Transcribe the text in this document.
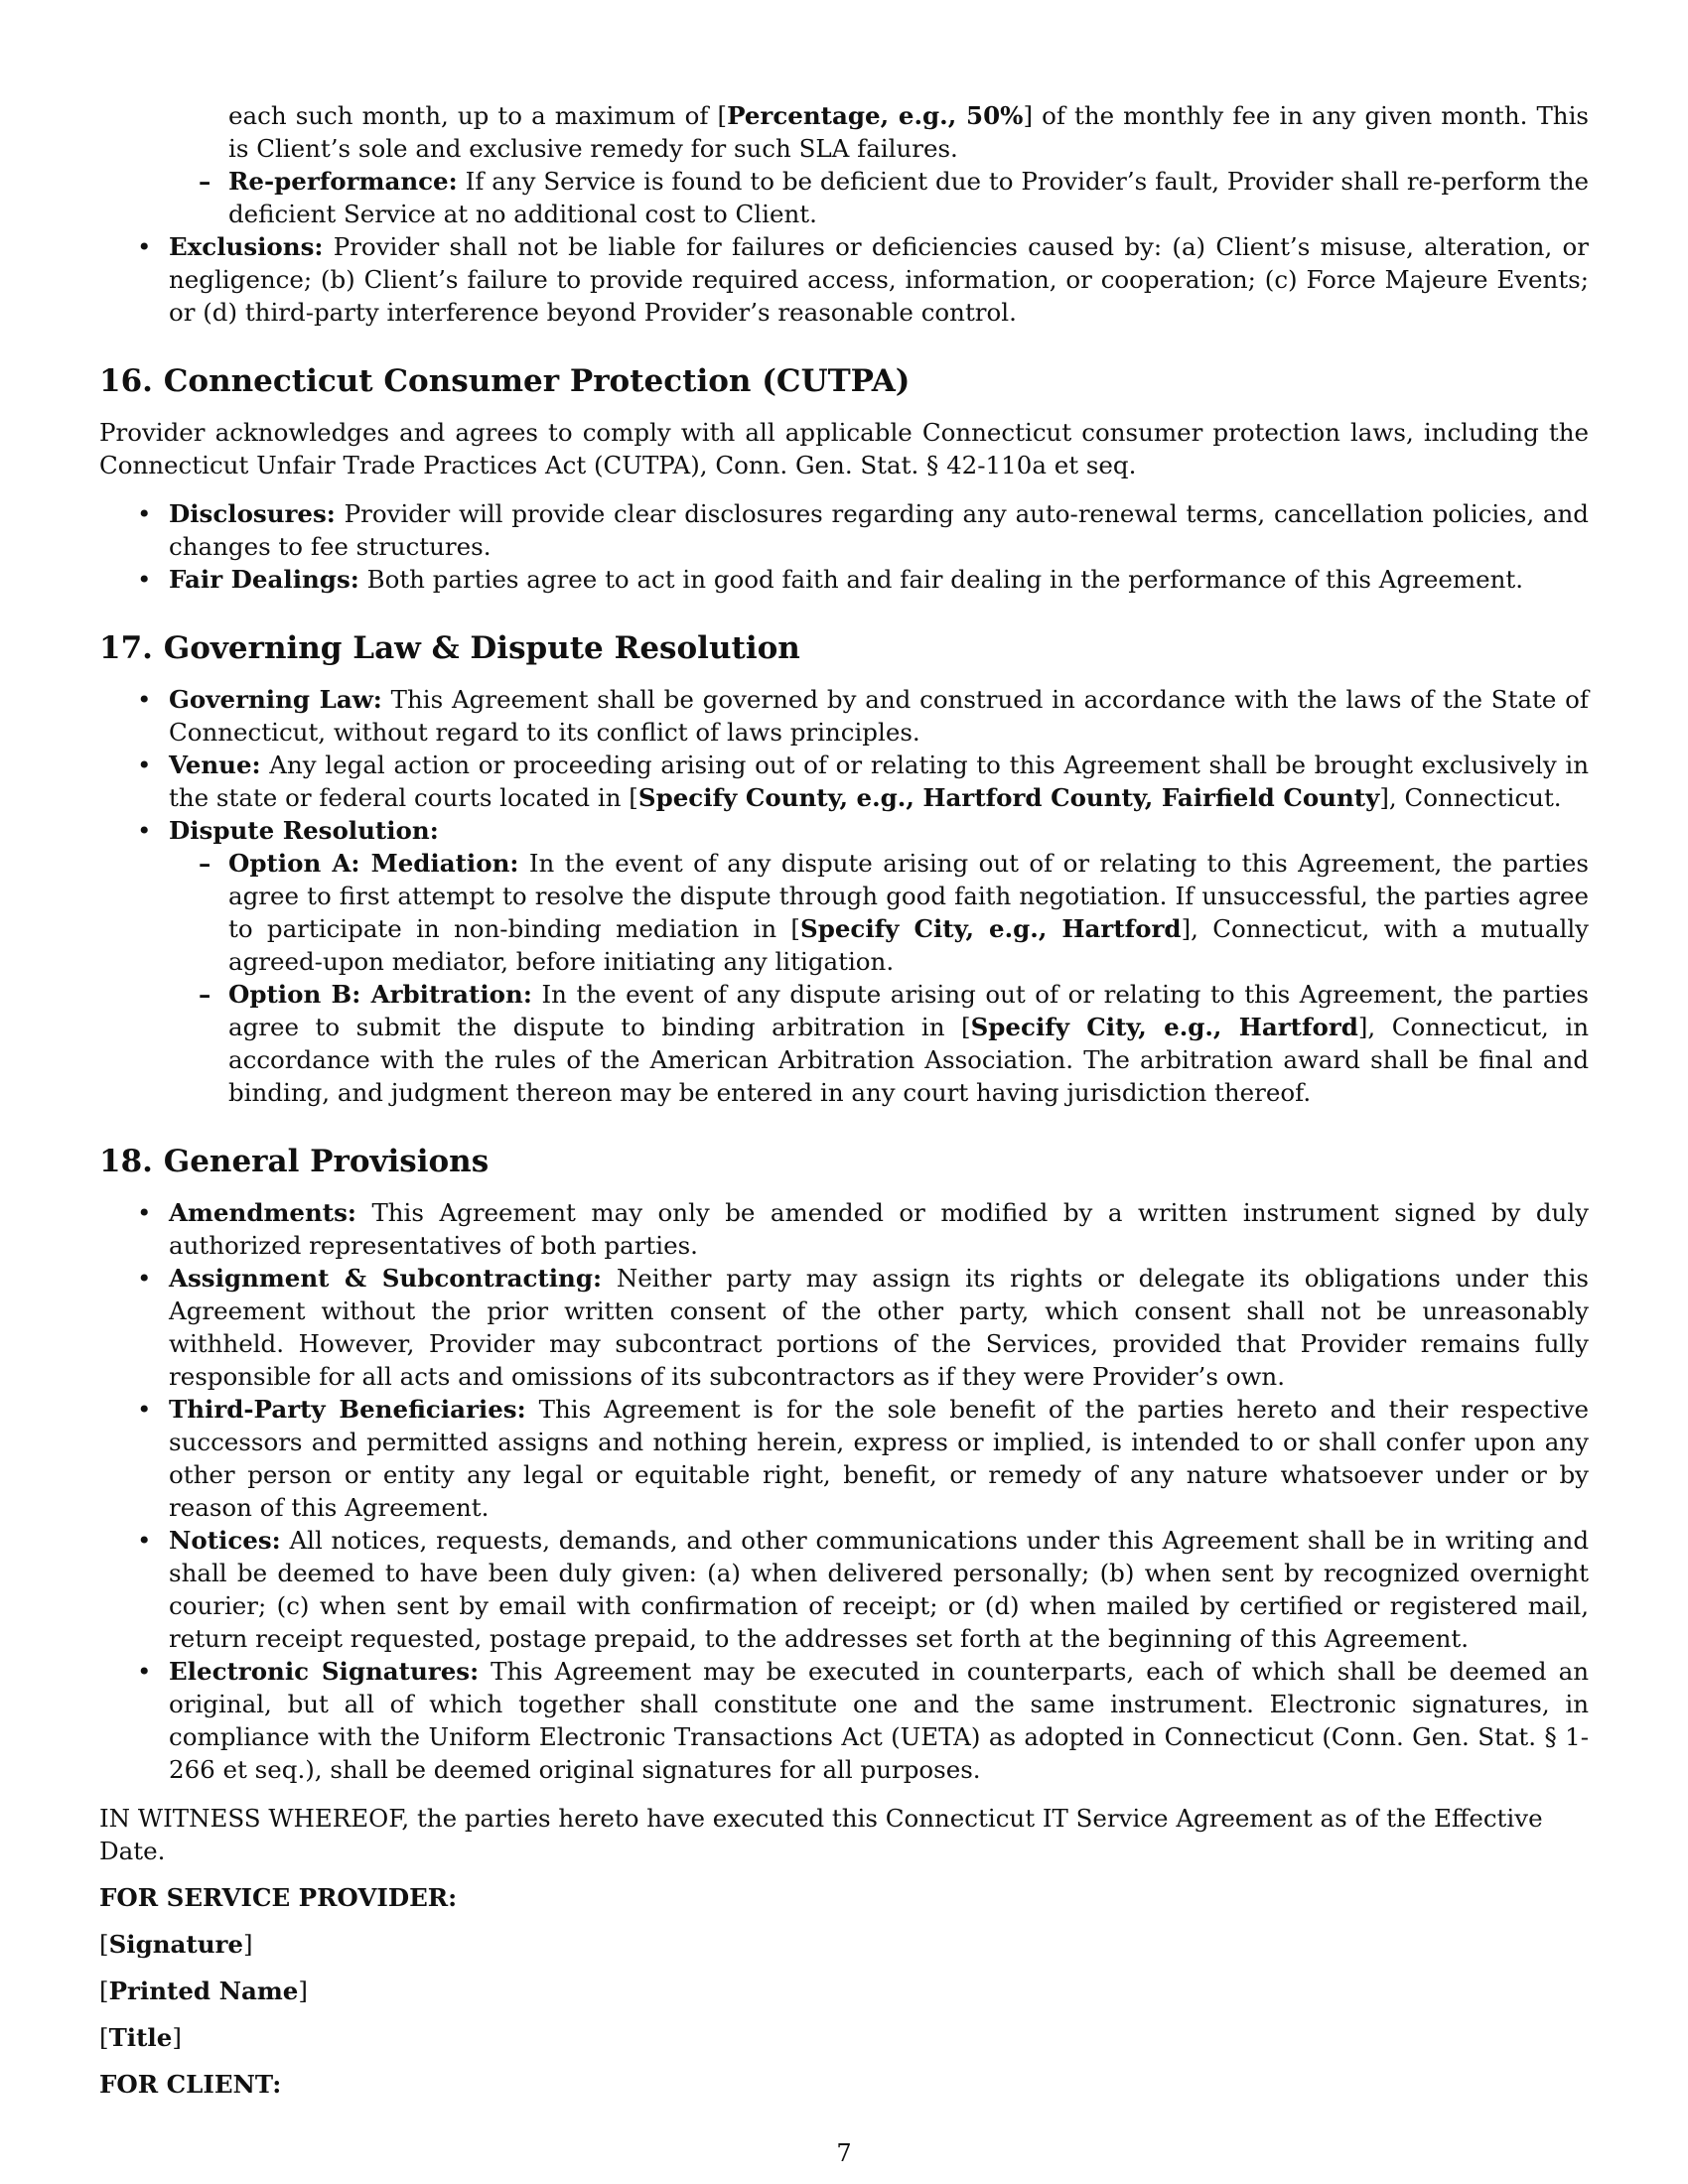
each such month, up to a maximum of [Percentage, e.g., 50%] of the monthly fee in any given month. This is Client’s sole and exclusive remedy for such SLA failures.

– Re-performance: If any Service is found to be deficient due to Provider’s fault, Provider shall re-perform the deficient Service at no additional cost to Client.
• Exclusions: Provider shall not be liable for failures or deficiencies caused by: (a) Client’s misuse, alteration, or negligence; (b) Client’s failure to provide required access, information, or cooperation; (c) Force Majeure Events; or (d) third-party interference beyond Provider’s reasonable control.
16. Connecticut Consumer Protection (CUTPA)

Provider acknowledges and agrees to comply with all applicable Connecticut consumer protection laws, including the Connecticut Unfair Trade Practices Act (CUTPA), Conn. Gen. Stat. § 42-110a et seq.

• Disclosures: Provider will provide clear disclosures regarding any auto-renewal terms, cancellation policies, and changes to fee structures.
• Fair Dealings: Both parties agree to act in good faith and fair dealing in the performance of this Agreement.
17. Governing Law & Dispute Resolution
• Governing Law: This Agreement shall be governed by and construed in accordance with the laws of the State of Connecticut, without regard to its conflict of laws principles.
• Venue: Any legal action or proceeding arising out of or relating to this Agreement shall be brought exclusively in the state or federal courts located in [Specify County, e.g., Hartford County, Fairfield County], Connecticut.
• Dispute Resolution:
– Option A: Mediation: In the event of any dispute arising out of or relating to this Agreement, the parties agree to first attempt to resolve the dispute through good faith negotiation. If unsuccessful, the parties agree to participate in non-binding mediation in [Specify City, e.g., Hartford], Connecticut, with a mutually agreed-upon mediator, before initiating any litigation.
– Option B: Arbitration: In the event of any dispute arising out of or relating to this Agreement, the parties agree to submit the dispute to binding arbitration in [Specify City, e.g., Hartford], Connecticut, in accordance with the rules of the American Arbitration Association. The arbitration award shall be final and binding, and judgment thereon may be entered in any court having jurisdiction thereof.
18. General Provisions
• Amendments: This Agreement may only be amended or modified by a written instrument signed by duly authorized representatives of both parties.
• Assignment & Subcontracting: Neither party may assign its rights or delegate its obligations under this Agreement without the prior written consent of the other party, which consent shall not be unreasonably withheld. However, Provider may subcontract portions of the Services, provided that Provider remains fully responsible for all acts and omissions of its subcontractors as if they were Provider’s own.
• Third-Party Beneficiaries: This Agreement is for the sole benefit of the parties hereto and their respective successors and permitted assigns and nothing herein, express or implied, is intended to or shall confer upon any other person or entity any legal or equitable right, benefit, or remedy of any nature whatsoever under or by reason of this Agreement.
• Notices: All notices, requests, demands, and other communications under this Agreement shall be in writing and shall be deemed to have been duly given: (a) when delivered personally; (b) when sent by recognized overnight courier; (c) when sent by email with confirmation of receipt; or (d) when mailed by certified or registered mail, return receipt requested, postage prepaid, to the addresses set forth at the beginning of this Agreement.
• Electronic Signatures: This Agreement may be executed in counterparts, each of which shall be deemed an original, but all of which together shall constitute one and the same instrument. Electronic signatures, in compliance with the Uniform Electronic Transactions Act (UETA) as adopted in Connecticut (Conn. Gen. Stat. § 1-266 et seq.), shall be deemed original signatures for all purposes.

IN WITNESS WHEREOF, the parties hereto have executed this Connecticut IT Service Agreement as of the Effective Date.

FOR SERVICE PROVIDER:

[Signature]

[Printed Name]

[Title]

FOR CLIENT:

7
